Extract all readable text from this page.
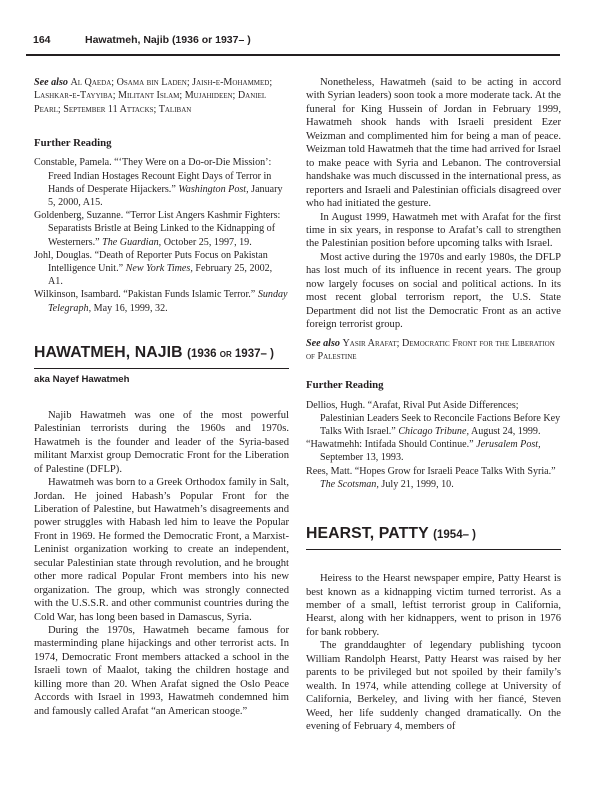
164	Hawatmeh, Najib (1936 or 1937– )

See also Al Qaeda; Osama bin Laden; Jaish-e-Mohammed; Lashkar-e-Tayyiba; Militant Islam; Mujahideen; Daniel Pearl; September 11 Attacks; Taliban

Further Reading

Constable, Pamela. “‘They Were on a Do-or-Die Mission’: Freed Indian Hostages Recount Eight Days of Terror in Hands of Desperate Hijackers.” Washington Post, January 5, 2000, A15.

Goldenberg, Suzanne. “Terror List Angers Kashmir Fighters: Separatists Bristle at Being Linked to the Kidnapping of Westerners.” The Guardian, October 25, 1997, 19.

Johl, Douglas. “Death of Reporter Puts Focus on Pakistan Intelligence Unit.” New York Times, February 25, 2002, A1.

Wilkinson, Isambard. “Pakistan Funds Islamic Terror.” Sunday Telegraph, May 16, 1999, 32.

HAWATMEH, NAJIB (1936 or 1937– )
aka Nayef Hawatmeh

Najib Hawatmeh was one of the most powerful Palestinian terrorists during the 1960s and 1970s. Hawatmeh is the founder and leader of the Syria-based militant Marxist group Democratic Front for the Liberation of Palestine (DFLP).

Hawatmeh was born to a Greek Orthodox family in Salt, Jordan. He joined Habash’s Popular Front for the Liberation of Palestine, but Hawatmeh’s disagreements and power struggles with Habash led him to leave the Popular Front in 1969. He formed the Democratic Front, a Marxist-Leninist organization working to create an independent, secular Palestinian state through revolution, and he brought other more radical Popular Front members into his new organization. The group, which was strongly connected with the U.S.S.R. and other communist countries during the Cold War, has long been based in Damascus, Syria.

During the 1970s, Hawatmeh became famous for masterminding plane hijackings and other terrorist acts. In 1974, Democratic Front members attacked a school in the Israeli town of Maalot, taking the children hostage and killing more than 20. When Arafat signed the Oslo Peace Accords with Israel in 1993, Hawatmeh condemned him and famously called Arafat “an American stooge.”

Nonetheless, Hawatmeh (said to be acting in accord with Syrian leaders) soon took a more moderate tack. At the funeral for King Hussein of Jordan in February 1999, Hawatmeh shook hands with Israeli president Ezer Weizman and complimented him for being a man of peace. Weizman told Hawatmeh that the time had arrived for Israel to make peace with Syria and Lebanon. The controversial handshake was much discussed in the international press, as reporters and Israeli and Palestinian officials disagreed over who had initiated the gesture.

In August 1999, Hawatmeh met with Arafat for the first time in six years, in response to Arafat’s call to strengthen the Palestinian position before upcoming talks with Israel.

Most active during the 1970s and early 1980s, the DFLP has lost much of its influence in recent years. The group now largely focuses on social and political actions. In its most recent global terrorism report, the U.S. State Department did not list the Democratic Front as an active foreign terrorist group.

See also Yasir Arafat; Democratic Front for the Liberation of Palestine

Further Reading

Dellios, Hugh. “Arafat, Rival Put Aside Differences; Palestinian Leaders Seek to Reconcile Factions Before Key Talks With Israel.” Chicago Tribune, August 24, 1999.

“Hawatmehh: Intifada Should Continue.” Jerusalem Post, September 13, 1993.

Rees, Matt. “Hopes Grow for Israeli Peace Talks With Syria.” The Scotsman, July 21, 1999, 10.

HEARST, PATTY (1954– )

Heiress to the Hearst newspaper empire, Patty Hearst is best known as a kidnapping victim turned terrorist. As a member of a small, leftist terrorist group in California, Hearst, along with her kidnappers, went to prison in 1976 for bank robbery.

The granddaughter of legendary publishing tycoon William Randolph Hearst, Patty Hearst was raised by her parents to be privileged but not spoiled by their family’s wealth. In 1974, while attending college at University of California, Berkeley, and living with her fiancé, Steven Weed, her life suddenly changed dramatically. On the evening of February 4, members of
